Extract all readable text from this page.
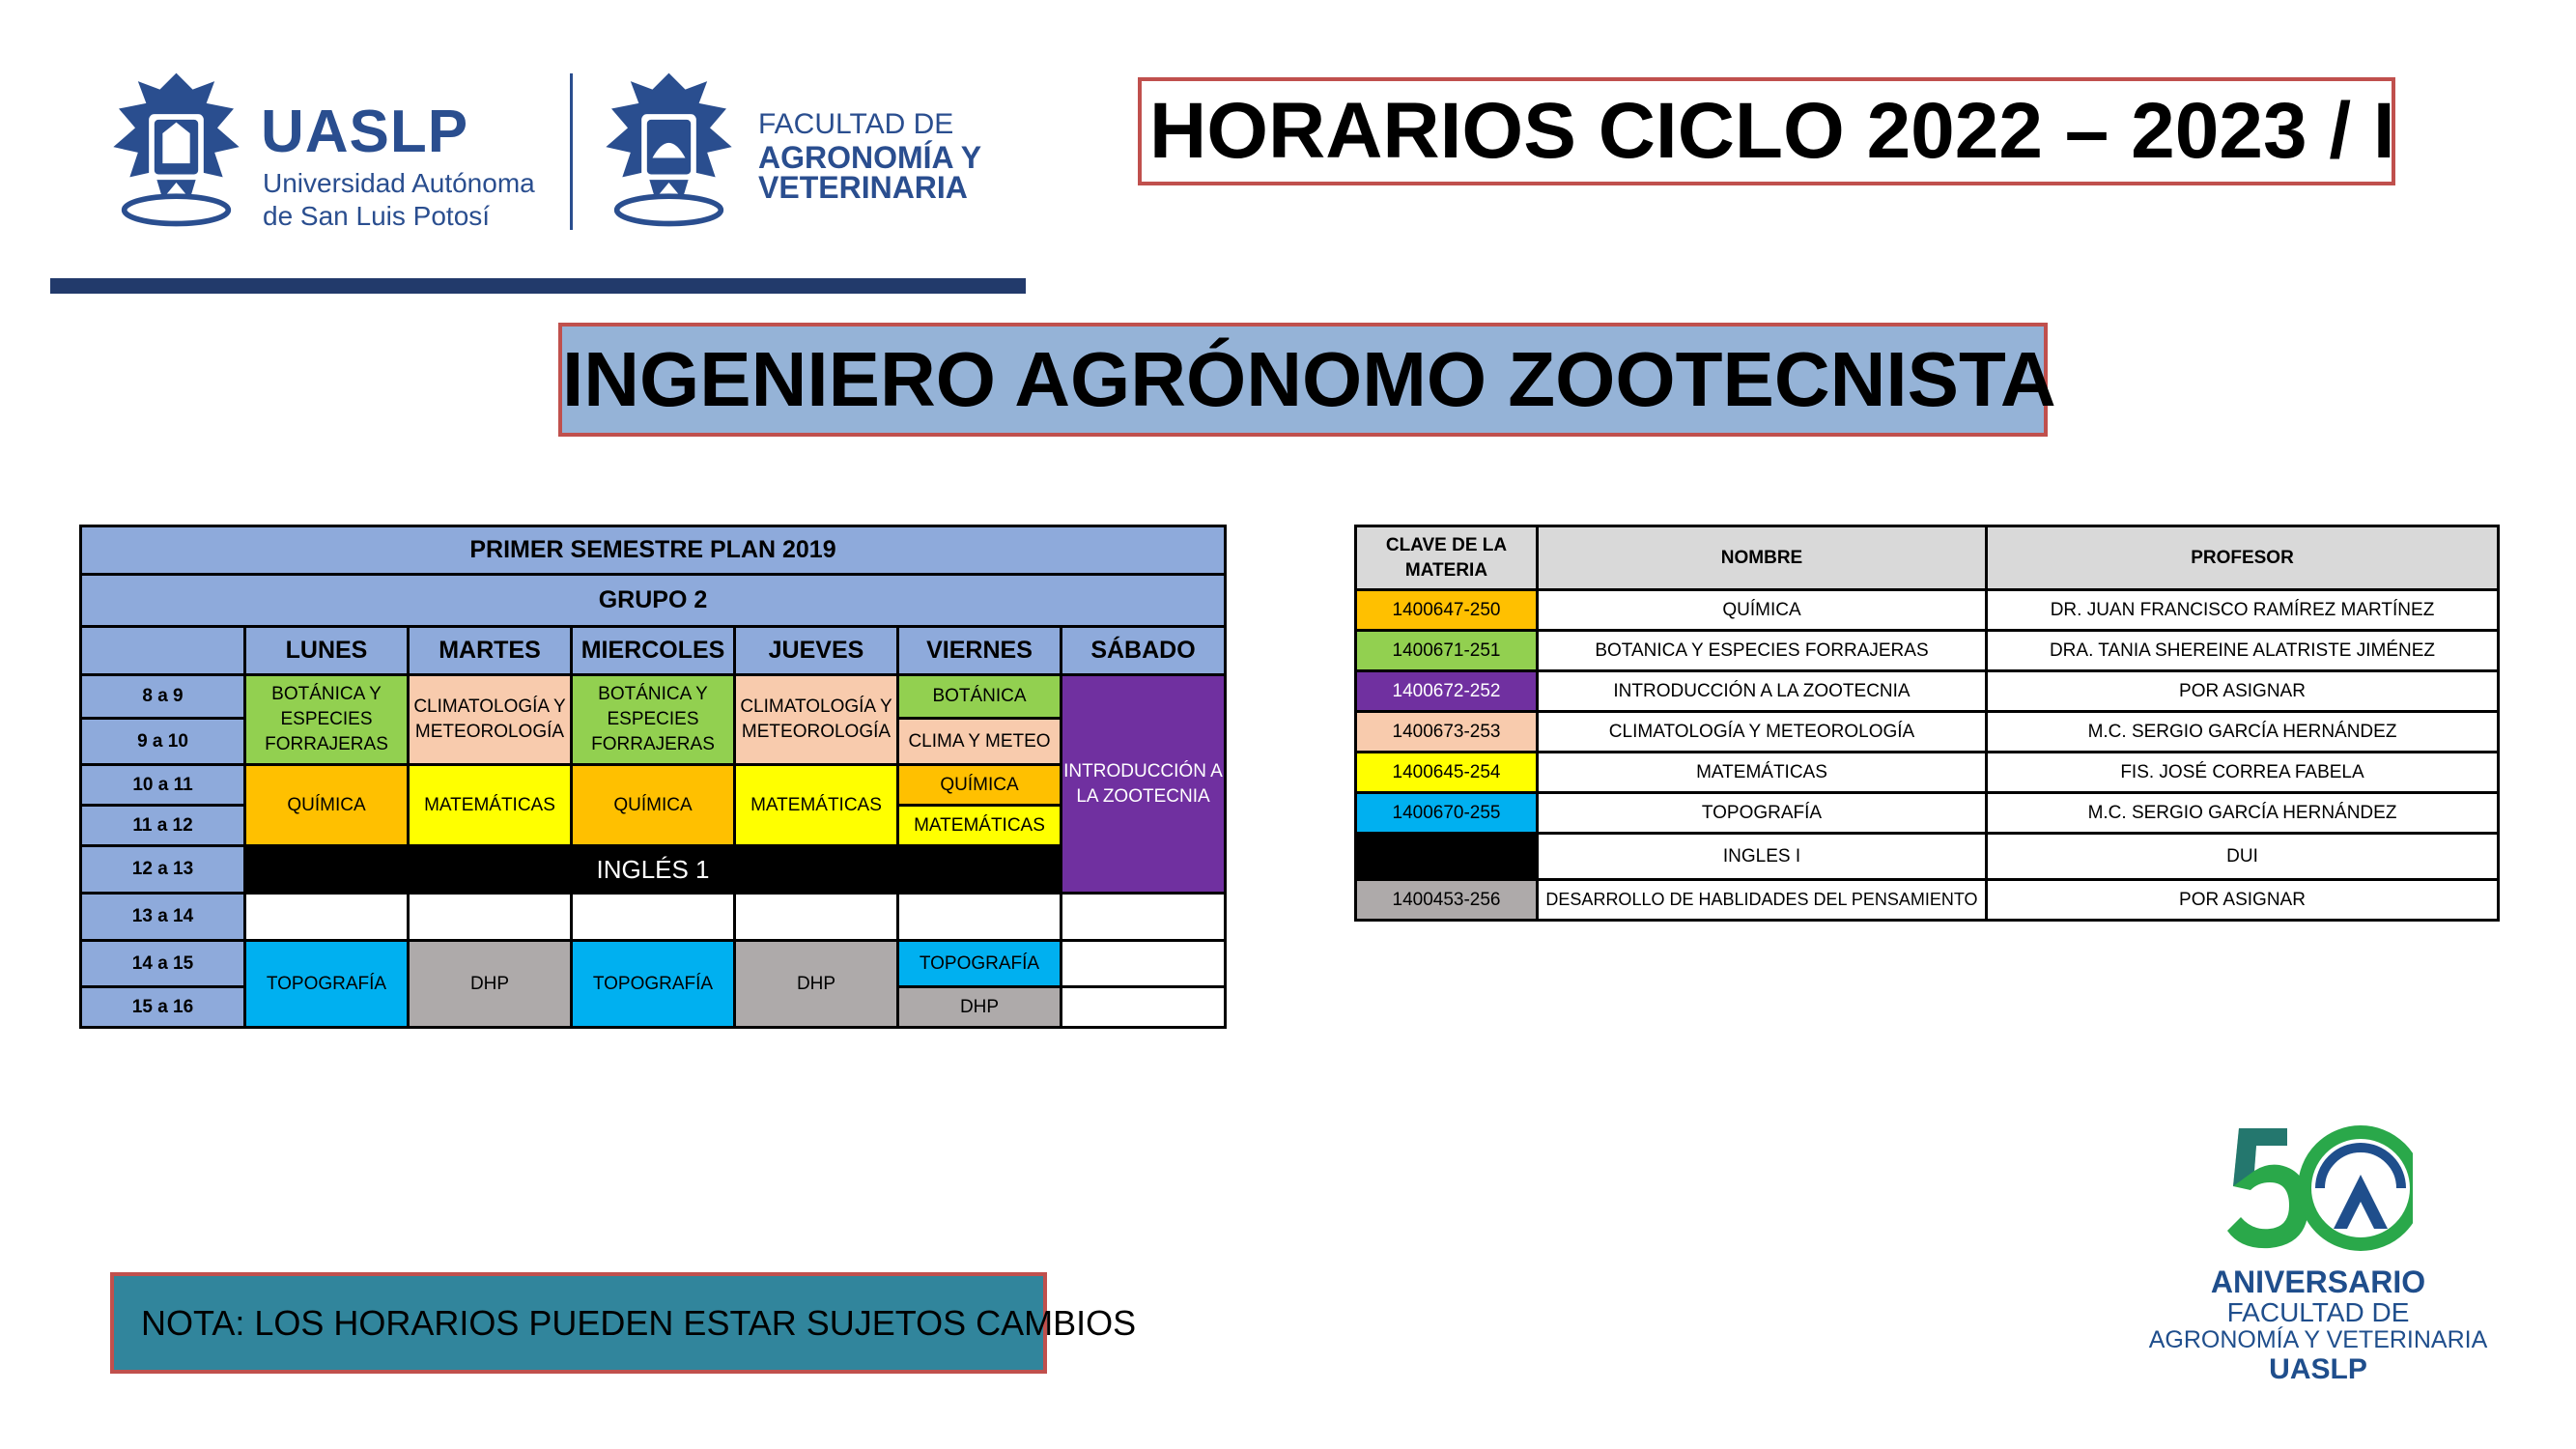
UASLP
Universidad Autónoma
de San Luis Potosí
FACULTAD DE
AGRONOMÍA Y
VETERINARIA
HORARIOS CICLO 2022 – 2023 / I
INGENIERO AGRÓNOMO ZOOTECNISTA
PRIMER SEMESTRE PLAN 2019						
GRUPO 2						
	LUNES	MARTES	MIERCOLES	JUEVES	VIERNES	SÁBADO
8 a 9	BOTÁNICA Y ESPECIES FORRAJERAS	CLIMATOLOGÍA Y METEOROLOGÍA	BOTÁNICA Y ESPECIES FORRAJERAS	CLIMATOLOGÍA Y METEOROLOGÍA	BOTÁNICA	INTRODUCCIÓN A LA ZOOTECNIA
9 a 10					CLIMA Y METEO	
10 a 11	QUÍMICA	MATEMÁTICAS	QUÍMICA	MATEMÁTICAS	QUÍMICA	
11 a 12					MATEMÁTICAS	
12 a 13	INGLÉS 1					
13 a 14						
14 a 15	TOPOGRAFÍA	DHP	TOPOGRAFÍA	DHP	TOPOGRAFÍA	
15 a 16					DHP	
CLAVE DE LA MATERIA	NOMBRE	PROFESOR
1400647-250	QUÍMICA	DR. JUAN FRANCISCO RAMÍREZ MARTÍNEZ
1400671-251	BOTANICA Y ESPECIES FORRAJERAS	DRA. TANIA SHEREINE ALATRISTE JIMÉNEZ
1400672-252	INTRODUCCIÓN A LA ZOOTECNIA	POR ASIGNAR
1400673-253	CLIMATOLOGÍA Y METEOROLOGÍA	M.C. SERGIO GARCÍA HERNÁNDEZ
1400645-254	MATEMÁTICAS	FIS. JOSÉ CORREA FABELA
1400670-255	TOPOGRAFÍA	M.C. SERGIO GARCÍA HERNÁNDEZ
	INGLES I	DUI
1400453-256	DESARROLLO DE HABLIDADES DEL PENSAMIENTO	POR ASIGNAR
NOTA: LOS HORARIOS PUEDEN ESTAR SUJETOS CAMBIOS
ANIVERSARIO
FACULTAD DE
AGRONOMÍA Y VETERINARIA
UASLP
